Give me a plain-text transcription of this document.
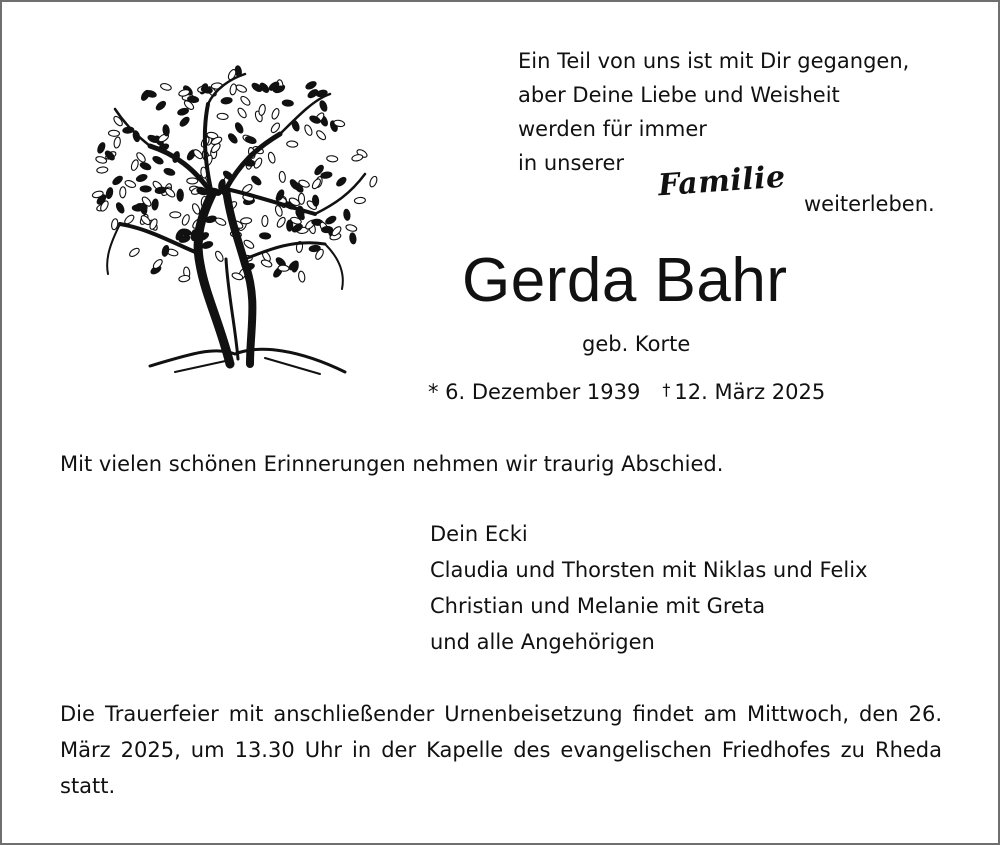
Ein Teil von uns ist mit Dir gegangen,
aber Deine Liebe und Weisheit
werden für immer
in unserer	Familie
weiterleben.
Gerda Bahr
geb. Korte
* 6. Dezember 1939 † 12. März 2025
Mit vielen schönen Erinnerungen nehmen wir traurig Abschied.
Dein Ecki
Claudia und Thorsten mit Niklas und Felix
Christian und Melanie mit Greta
und alle Angehörigen
Die Trauerfeier mit anschließender Urnenbeisetzung findet am Mittwoch, den 26. März 2025, um 13.30 Uhr in der Kapelle des evangelischen Friedhofes zu Rheda statt.
